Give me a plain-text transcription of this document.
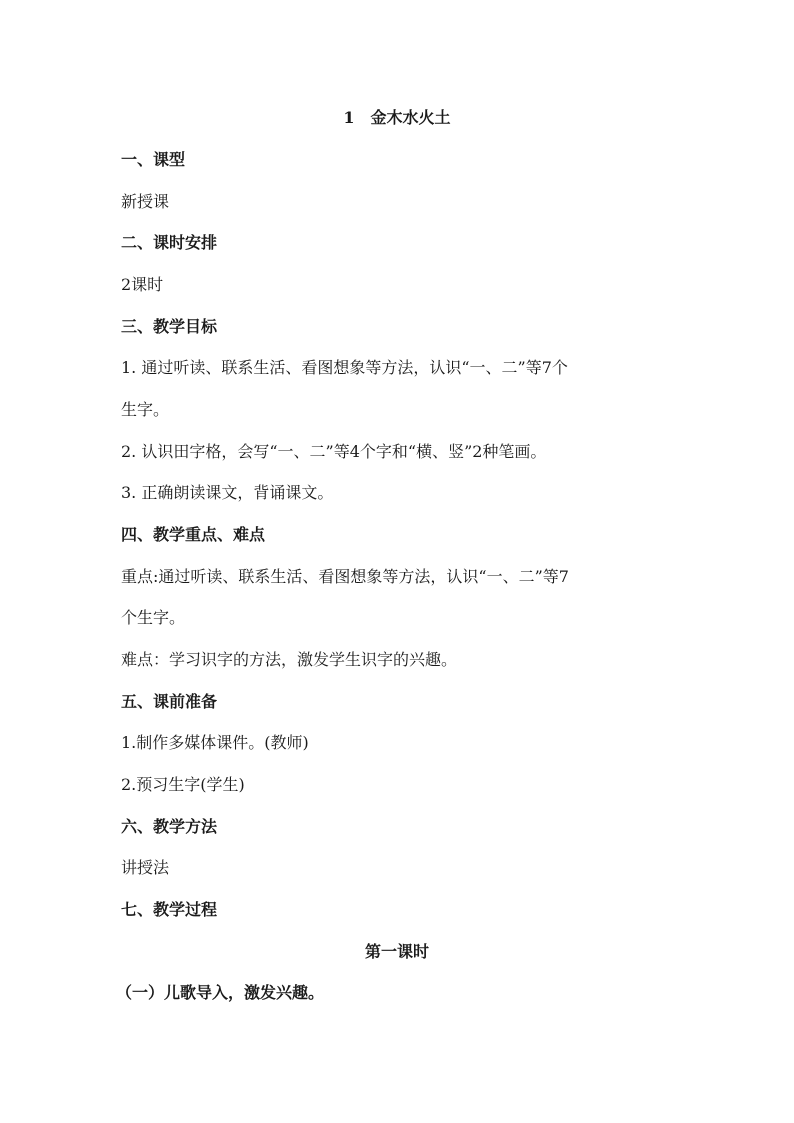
1　金木水火土
一、课型
新授课
二、课时安排
2课时
三、教学目标
1. 通过听读、联系生活、看图想象等方法，认识“一、二”等7个
生字。
2. 认识田字格，会写“一、二”等4个字和“横、竖”2种笔画。
3. 正确朗读课文，背诵课文。
四、教学重点、难点
重点:通过听读、联系生活、看图想象等方法，认识“一、二”等7
个生字。
难点：学习识字的方法，激发学生识字的兴趣。
五、课前准备
1.制作多媒体课件。(教师)
2.预习生字(学生)
六、教学方法
讲授法
七、教学过程
第一课时
（一）儿歌导入，激发兴趣。
